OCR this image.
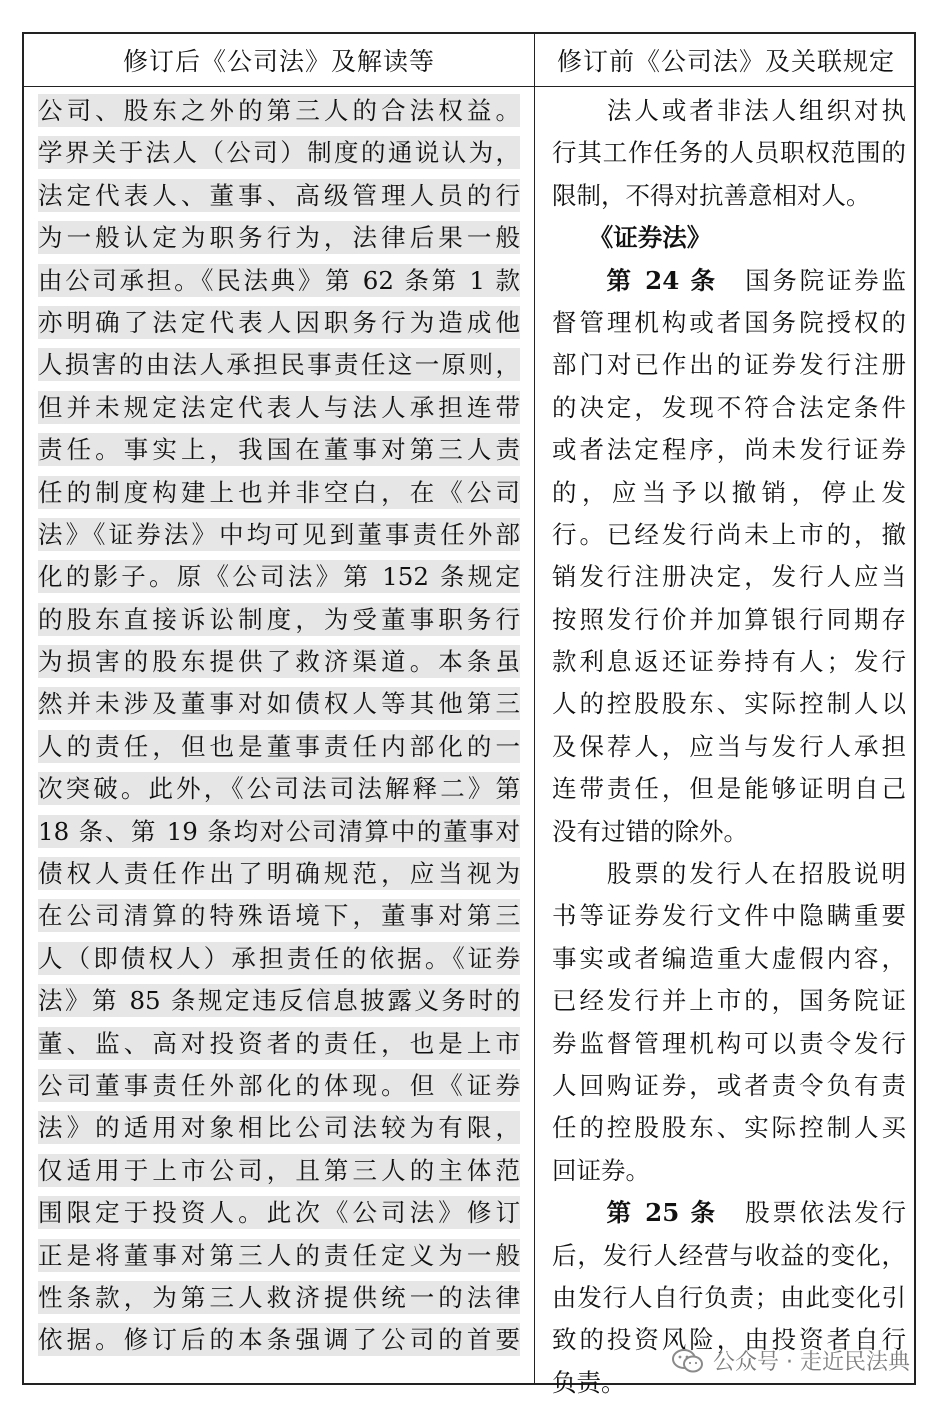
修订后《公司法》及解读等	修订前《公司法》及关联规定
公司、股东之外的第三人的合法权益。
学界关于法人（公司）制度的通说认为，
法定代表人、董事、高级管理人员的行
为一般认定为职务行为，法律后果一般
由公司承担。《民法典》第 62 条第 1 款
亦明确了法定代表人因职务行为造成他
人损害的由法人承担民事责任这一原则，
但并未规定法定代表人与法人承担连带
责任。事实上，我国在董事对第三人责
任的制度构建上也并非空白，在《公司
法》《证券法》中均可见到董事责任外部
化的影子。原《公司法》第 152 条规定
的股东直接诉讼制度，为受董事职务行
为损害的股东提供了救济渠道。本条虽
然并未涉及董事对如债权人等其他第三
人的责任，但也是董事责任内部化的一
次突破。此外，《公司法司法解释二》第
18 条、第 19 条均对公司清算中的董事对
债权人责任作出了明确规范，应当视为
在公司清算的特殊语境下，董事对第三
人（即债权人）承担责任的依据。《证券
法》第 85 条规定违反信息披露义务时的
董、监、高对投资者的责任，也是上市
公司董事责任外部化的体现。但《证券
法》的适用对象相比公司法较为有限，
仅适用于上市公司，且第三人的主体范
围限定于投资人。此次《公司法》修订
正是将董事对第三人的责任定义为一般
性条款，为第三人救济提供统一的法律
依据。修订后的本条强调了公司的首要
　　法人或者非法人组织对执
行其工作任务的人员职权范围的
限制，不得对抗善意相对人。
　　《证券法》
　　第 24 条　国务院证券监
督管理机构或者国务院授权的
部门对已作出的证券发行注册
的决定，发现不符合法定条件
或者法定程序，尚未发行证券
的，应当予以撤销，停止发
行。已经发行尚未上市的，撤
销发行注册决定，发行人应当
按照发行价并加算银行同期存
款利息返还证券持有人；发行
人的控股股东、实际控制人以
及保荐人，应当与发行人承担
连带责任，但是能够证明自己
没有过错的除外。
　　股票的发行人在招股说明
书等证券发行文件中隐瞒重要
事实或者编造重大虚假内容，
已经发行并上市的，国务院证
券监督管理机构可以责令发行
人回购证券，或者责令负有责
任的控股股东、实际控制人买
回证券。
　　第 25 条　股票依法发行
后，发行人经营与收益的变化，
由发行人自行负责；由此变化引
致的投资风险，由投资者自行
负责。
公众号 · 走近民法典
